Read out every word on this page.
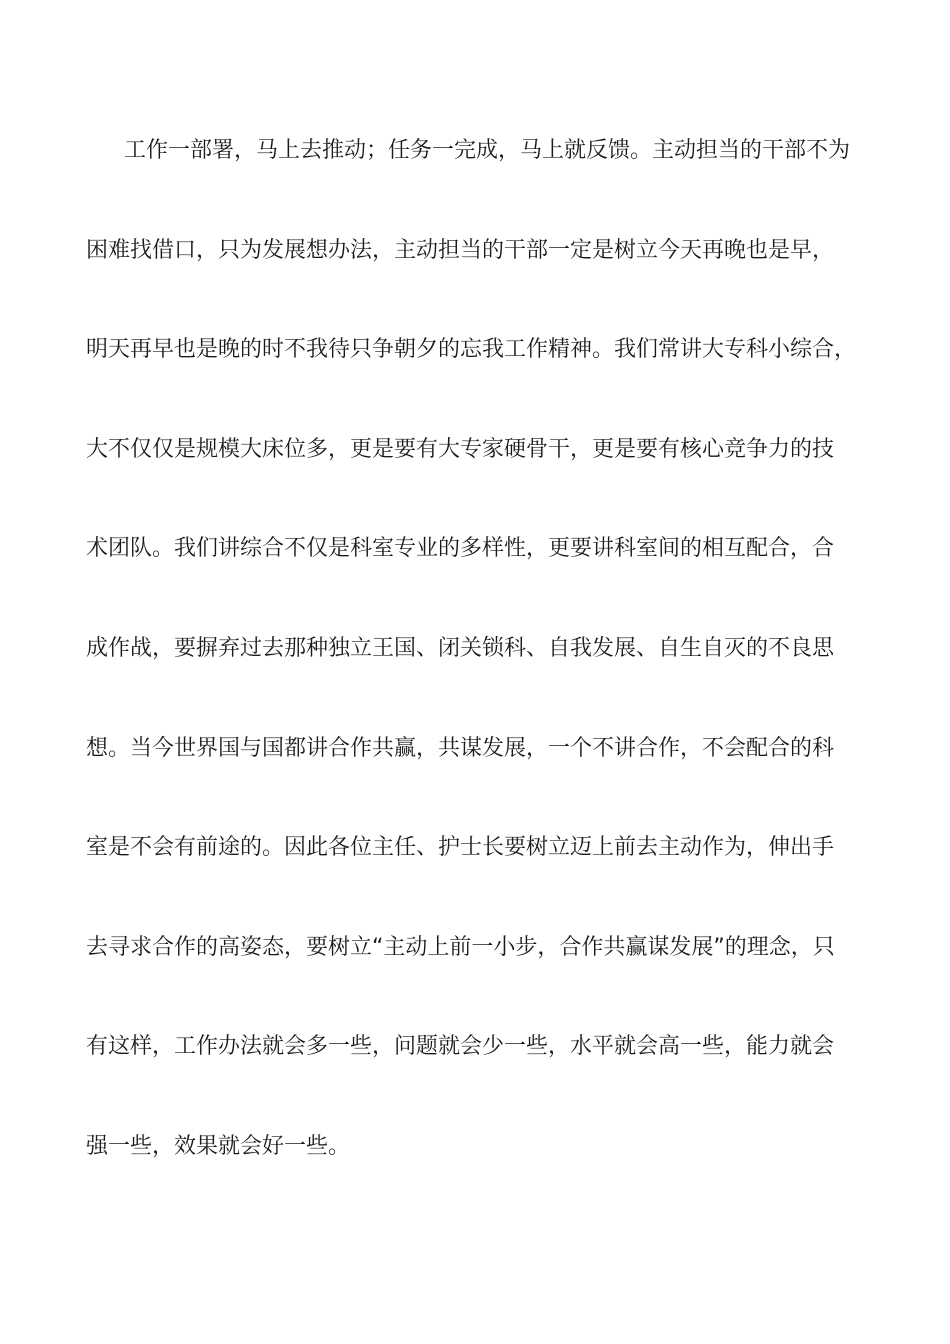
工作一部署，马上去推动；任务一完成，马上就反馈。主动担当的干部不为
困难找借口，只为发展想办法，主动担当的干部一定是树立今天再晚也是早，
明天再早也是晚的时不我待只争朝夕的忘我工作精神。我们常讲大专科小综合，
大不仅仅是规模大床位多，更是要有大专家硬骨干，更是要有核心竞争力的技
术团队。我们讲综合不仅是科室专业的多样性，更要讲科室间的相互配合，合
成作战，要摒弃过去那种独立王国、闭关锁科、自我发展、自生自灭的不良思
想。当今世界国与国都讲合作共赢，共谋发展，一个不讲合作，不会配合的科
室是不会有前途的。因此各位主任、护士长要树立迈上前去主动作为，伸出手
去寻求合作的高姿态，要树立“主动上前一小步，合作共赢谋发展”的理念，只
有这样，工作办法就会多一些，问题就会少一些，水平就会高一些，能力就会
强一些，效果就会好一些。
